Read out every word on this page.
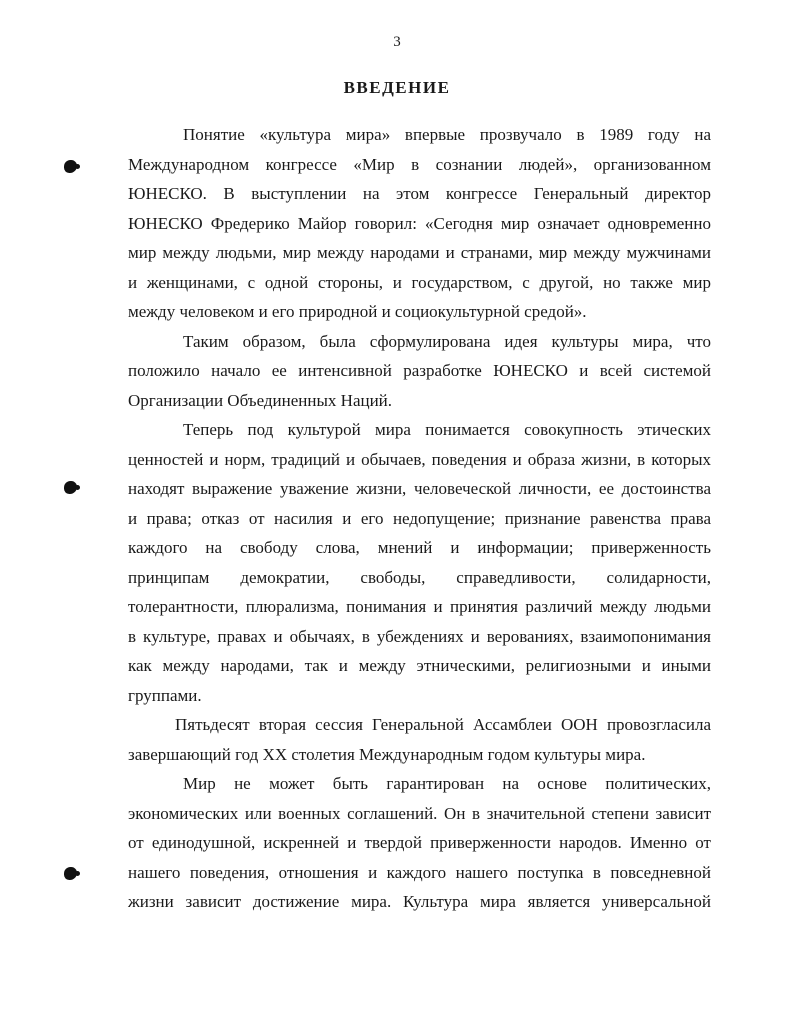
3

ВВЕДЕНИЕ

Понятие «культура мира» впервые прозвучало в 1989 году на
Международном конгрессе «Мир в сознании людей», организованном
ЮНЕСКО. В выступлении на этом конгрессе Генеральный директор
ЮНЕСКО Фредерико Майор говорил: «Сегодня мир означает одновременно
мир между людьми, мир между народами и странами, мир между мужчинами
и женщинами, с одной стороны, и государством, с другой, но также мир
между человеком и его природной и социокультурной средой».

Таким образом, была сформулирована идея культуры мира, что
положило начало ее интенсивной разработке ЮНЕСКО и всей системой
Организации Объединенных Наций.

Теперь под культурой мира понимается совокупность этических
ценностей и норм, традиций и обычаев, поведения и образа жизни, в которых
находят выражение уважение жизни, человеческой личности, ее достоинства
и права; отказ от насилия и его недопущение; признание равенства права
каждого на свободу слова, мнений и информации; приверженность
принципам демократии, свободы, справедливости, солидарности,
толерантности, плюрализма, понимания и принятия различий между людьми
в культуре, правах и обычаях, в убеждениях и верованиях, взаимопонимания
как между народами, так и между этническими, религиозными и иными
группами.

Пятьдесят вторая сессия Генеральной Ассамблеи ООН провозгласила
завершающий год XX столетия Международным годом культуры мира.

Мир не может быть гарантирован на основе политических,
экономических или военных соглашений. Он в значительной степени зависит
от единодушной, искренней и твердой приверженности народов. Именно от
нашего поведения, отношения и каждого нашего поступка в повседневной
жизни зависит достижение мира. Культура мира является универсальной
